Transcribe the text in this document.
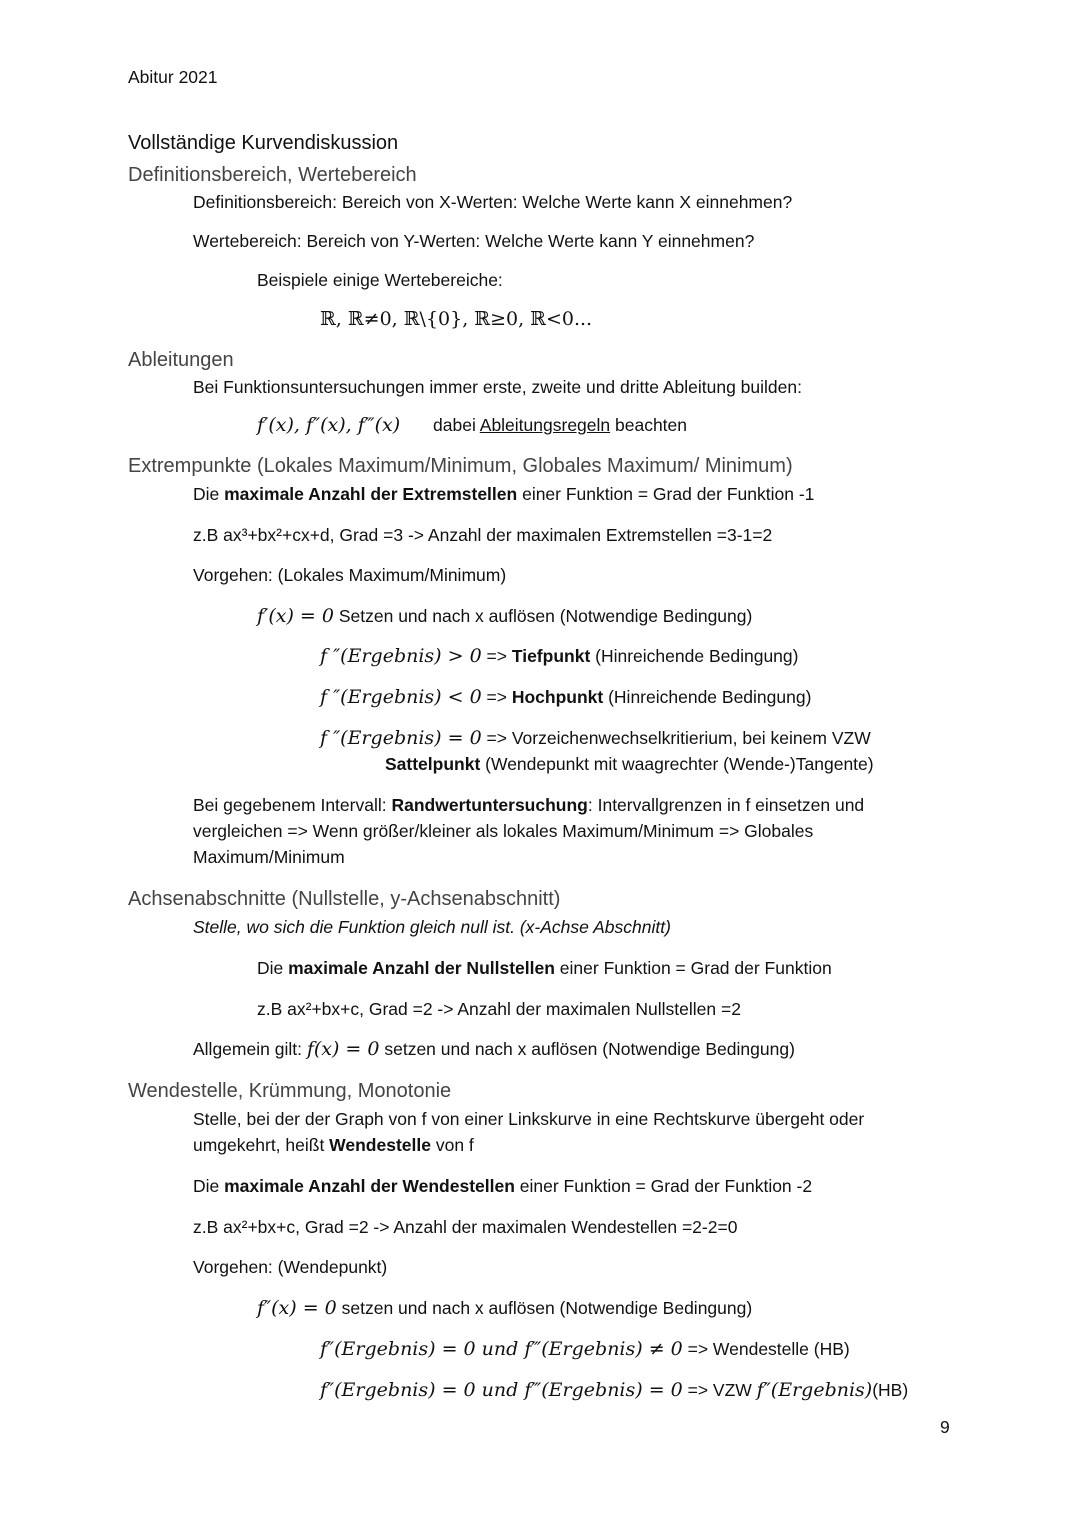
Abitur 2021
Vollständige Kurvendiskussion
Definitionsbereich, Wertebereich
Definitionsbereich: Bereich von X-Werten: Welche Werte kann X einnehmen?
Wertebereich: Bereich von Y-Werten: Welche Werte kann Y einnehmen?
Beispiele einige Wertebereiche:
ℝ, ℝ≠0, ℝ\{0}, ℝ≥0, ℝ<0...
Ableitungen
Bei Funktionsuntersuchungen immer erste, zweite und dritte Ableitung builden:
f′(x), f″(x), f‴(x) dabei Ableitungsregeln beachten
Extrempunkte (Lokales Maximum/Minimum, Globales Maximum/ Minimum)
Die maximale Anzahl der Extremstellen einer Funktion = Grad der Funktion -1
z.B ax³+bx²+cx+d, Grad =3 -> Anzahl der maximalen Extremstellen =3-1=2
Vorgehen: (Lokales Maximum/Minimum)
f′(x) = 0 Setzen und nach x auflösen (Notwendige Bedingung)
f ″(Ergebnis) > 0 => Tiefpunkt (Hinreichende Bedingung)
f ″(Ergebnis) < 0 => Hochpunkt (Hinreichende Bedingung)
f ″(Ergebnis) = 0 => Vorzeichenwechselkritierium, bei keinem VZW
Sattelpunkt (Wendepunkt mit waagrechter (Wende-)Tangente)
Bei gegebenem Intervall: Randwertuntersuchung: Intervallgrenzen in f einsetzen und
vergleichen => Wenn größer/kleiner als lokales Maximum/Minimum => Globales
Maximum/Minimum
Achsenabschnitte (Nullstelle, y-Achsenabschnitt)
Stelle, wo sich die Funktion gleich null ist. (x-Achse Abschnitt)
Die maximale Anzahl der Nullstellen einer Funktion = Grad der Funktion
z.B ax²+bx+c, Grad =2 -> Anzahl der maximalen Nullstellen =2
Allgemein gilt: f(x) = 0 setzen und nach x auflösen (Notwendige Bedingung)
Wendestelle, Krümmung, Monotonie
Stelle, bei der der Graph von f von einer Linkskurve in eine Rechtskurve übergeht oder
umgekehrt, heißt Wendestelle von f
Die maximale Anzahl der Wendestellen einer Funktion = Grad der Funktion -2
z.B ax²+bx+c, Grad =2 -> Anzahl der maximalen Wendestellen =2-2=0
Vorgehen: (Wendepunkt)
f″(x) = 0 setzen und nach x auflösen (Notwendige Bedingung)
f″(Ergebnis) = 0 und f‴(Ergebnis) ≠ 0 => Wendestelle (HB)
f″(Ergebnis) = 0 und f‴(Ergebnis) = 0 => VZW f″(Ergebnis)(HB)
9
